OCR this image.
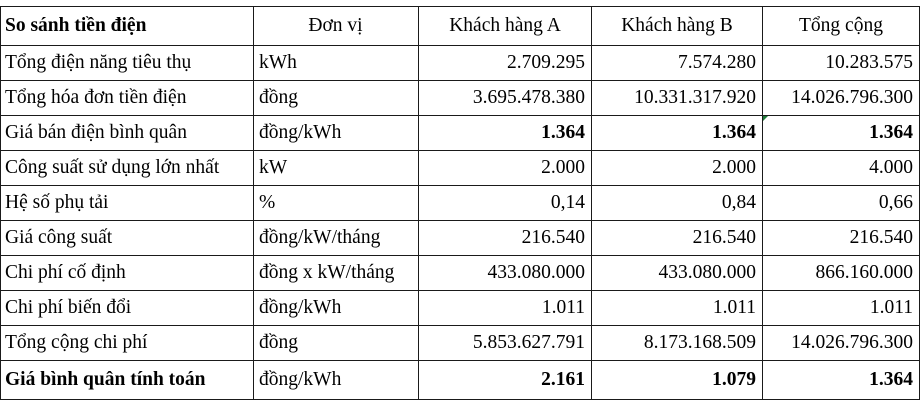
So sánh tiền điện	Đơn vị	Khách hàng A	Khách hàng B	Tổng cộng
Tổng điện năng tiêu thụ	kWh	2.709.295	7.574.280	10.283.575
Tổng hóa đơn tiền điện	đồng	3.695.478.380	10.331.317.920	14.026.796.300
Giá bán điện bình quân	đồng/kWh	1.364	1.364	1.364
Công suất sử dụng lớn nhất	kW	2.000	2.000	4.000
Hệ số phụ tải	%	0,14	0,84	0,66
Giá công suất	đồng/kW/tháng	216.540	216.540	216.540
Chi phí cố định	đồng x kW/tháng	433.080.000	433.080.000	866.160.000
Chi phí biến đổi	đồng/kWh	1.011	1.011	1.011
Tổng cộng chi phí	đồng	5.853.627.791	8.173.168.509	14.026.796.300
Giá bình quân tính toán	đồng/kWh	2.161	1.079	1.364
